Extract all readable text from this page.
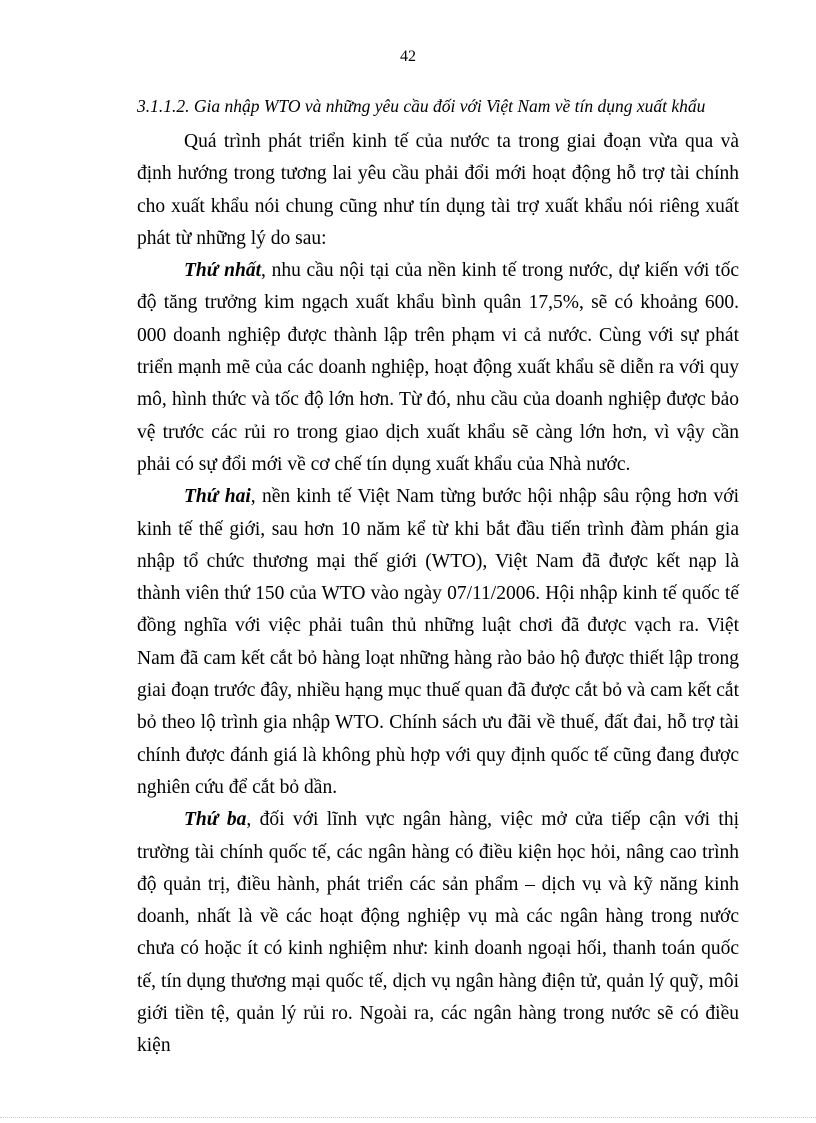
42
3.1.1.2. Gia nhập WTO và những yêu cầu đối với Việt Nam về tín dụng xuất khẩu

Quá trình phát triển kinh tế của nước ta trong giai đoạn vừa qua và định hướng trong tương lai yêu cầu phải đổi mới hoạt động hỗ trợ tài chính cho xuất khẩu nói chung cũng như tín dụng tài trợ xuất khẩu nói riêng xuất phát từ những lý do sau:

Thứ nhất, nhu cầu nội tại của nền kinh tế trong nước, dự kiến với tốc độ tăng trưởng kim ngạch xuất khẩu bình quân 17,5%, sẽ có khoảng 600. 000 doanh nghiệp được thành lập trên phạm vi cả nước. Cùng với sự phát triển mạnh mẽ của các doanh nghiệp, hoạt động xuất khẩu sẽ diễn ra với quy mô, hình thức và tốc độ lớn hơn. Từ đó, nhu cầu của doanh nghiệp được bảo vệ trước các rủi ro trong giao dịch xuất khẩu sẽ càng lớn hơn, vì vậy cần phải có sự đổi mới về cơ chế tín dụng xuất khẩu của Nhà nước.

Thứ hai, nền kinh tế Việt Nam từng bước hội nhập sâu rộng hơn với kinh tế thế giới, sau hơn 10 năm kể từ khi bắt đầu tiến trình đàm phán gia nhập tổ chức thương mại thế giới (WTO), Việt Nam đã được kết nạp là thành viên thứ 150 của WTO vào ngày 07/11/2006. Hội nhập kinh tế quốc tế đồng nghĩa với việc phải tuân thủ những luật chơi đã được vạch ra. Việt Nam đã cam kết cắt bỏ hàng loạt những hàng rào bảo hộ được thiết lập trong giai đoạn trước đây, nhiều hạng mục thuế quan đã được cắt bỏ và cam kết cắt bỏ theo lộ trình gia nhập WTO. Chính sách ưu đãi về thuế, đất đai, hỗ trợ tài chính được đánh giá là không phù hợp với quy định quốc tế cũng đang được nghiên cứu để cắt bỏ dần.

Thứ ba, đối với lĩnh vực ngân hàng, việc mở cửa tiếp cận với thị trường tài chính quốc tế, các ngân hàng có điều kiện học hỏi, nâng cao trình độ quản trị, điều hành, phát triển các sản phẩm – dịch vụ và kỹ năng kinh doanh, nhất là về các hoạt động nghiệp vụ mà các ngân hàng trong nước chưa có hoặc ít có kinh nghiệm như: kinh doanh ngoại hối, thanh toán quốc tế, tín dụng thương mại quốc tế, dịch vụ ngân hàng điện tử, quản lý quỹ, môi giới tiền tệ, quản lý rủi ro. Ngoài ra, các ngân hàng trong nước sẽ có điều kiện
